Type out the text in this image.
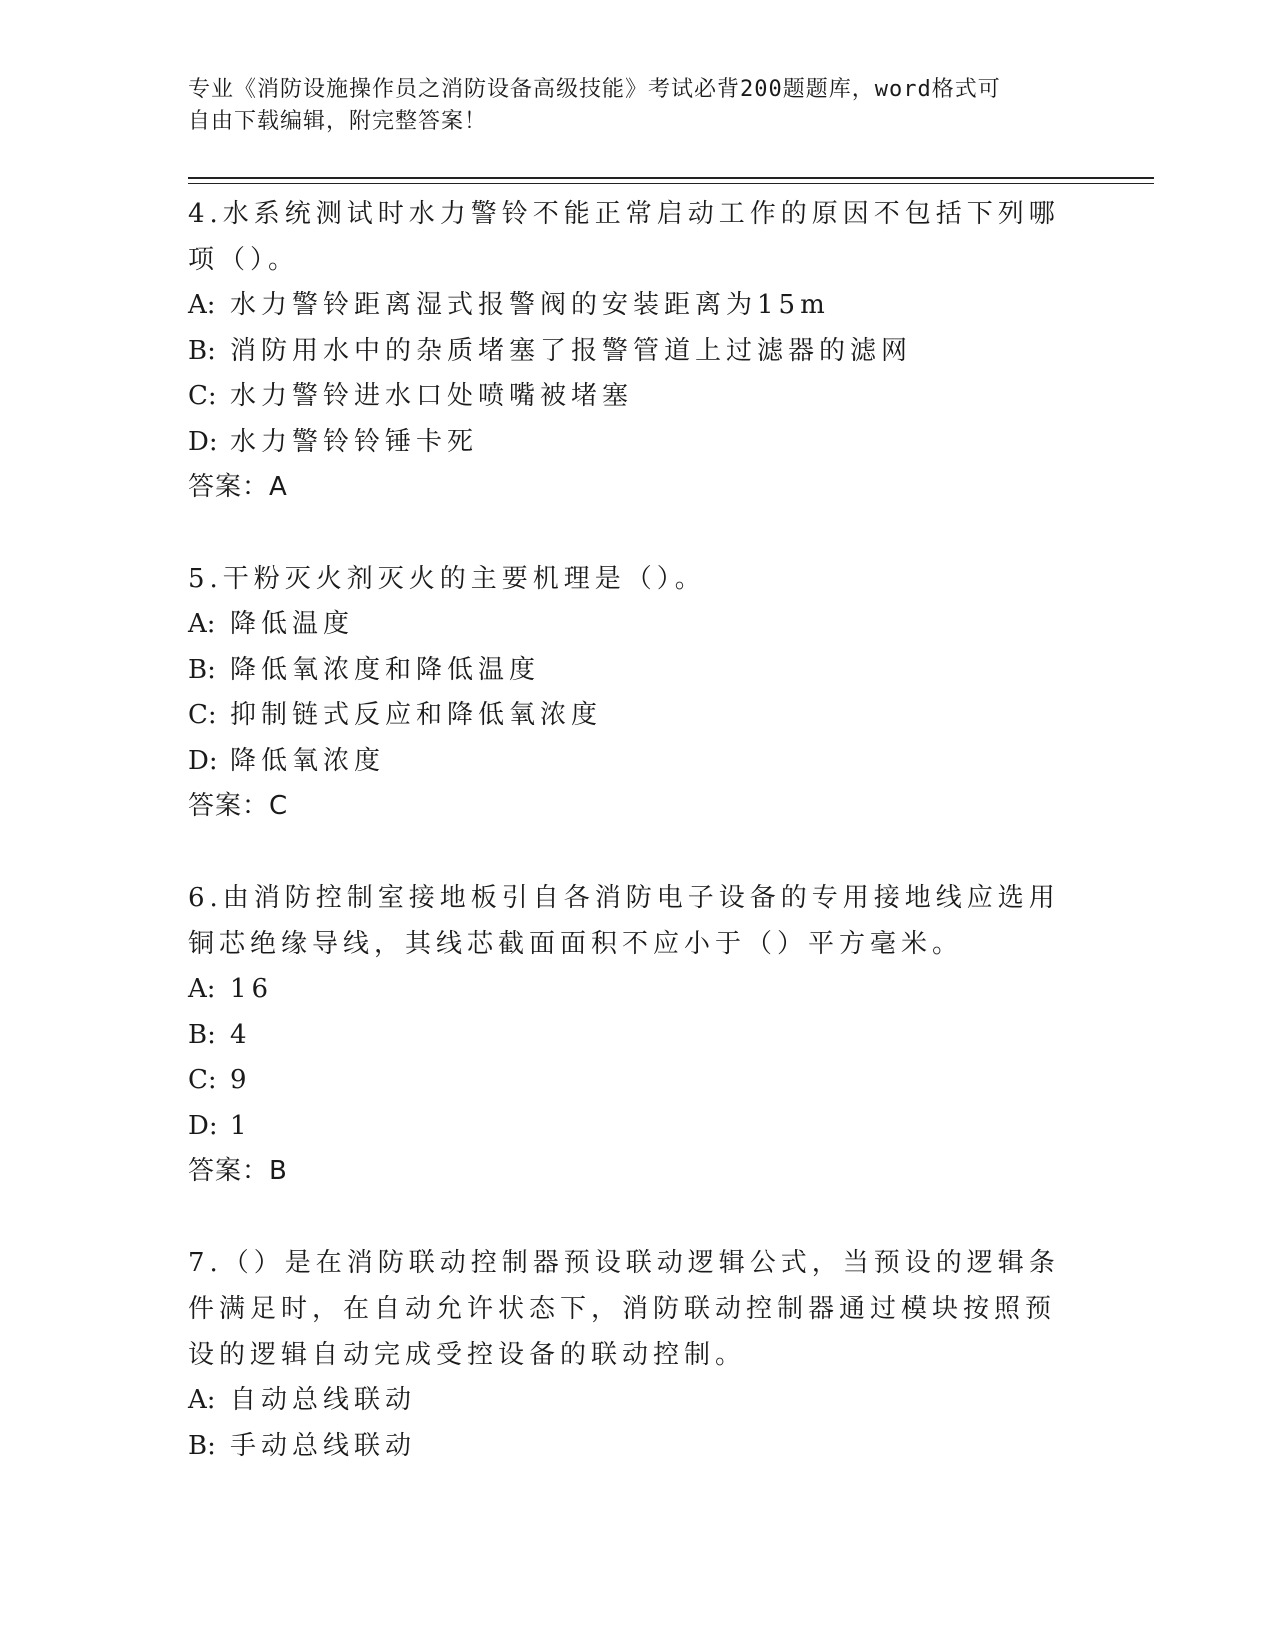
专业《消防设施操作员之消防设备高级技能》考试必背200题题库，word格式可
自由下载编辑，附完整答案！
4.水系统测试时水力警铃不能正常启动工作的原因不包括下列哪项（）。
A: 水力警铃距离湿式报警阀的安装距离为15m
B: 消防用水中的杂质堵塞了报警管道上过滤器的滤网
C: 水力警铃进水口处喷嘴被堵塞
D: 水力警铃铃锤卡死
答案：A
5.干粉灭火剂灭火的主要机理是（）。
A: 降低温度
B: 降低氧浓度和降低温度
C: 抑制链式反应和降低氧浓度
D: 降低氧浓度
答案：C
6.由消防控制室接地板引自各消防电子设备的专用接地线应选用铜芯绝缘导线，其线芯截面面积不应小于（）平方毫米。
A: 16
B: 4
C: 9
D: 1
答案：B
7.（）是在消防联动控制器预设联动逻辑公式，当预设的逻辑条件满足时，在自动允许状态下，消防联动控制器通过模块按照预设的逻辑自动完成受控设备的联动控制。
A: 自动总线联动
B: 手动总线联动
